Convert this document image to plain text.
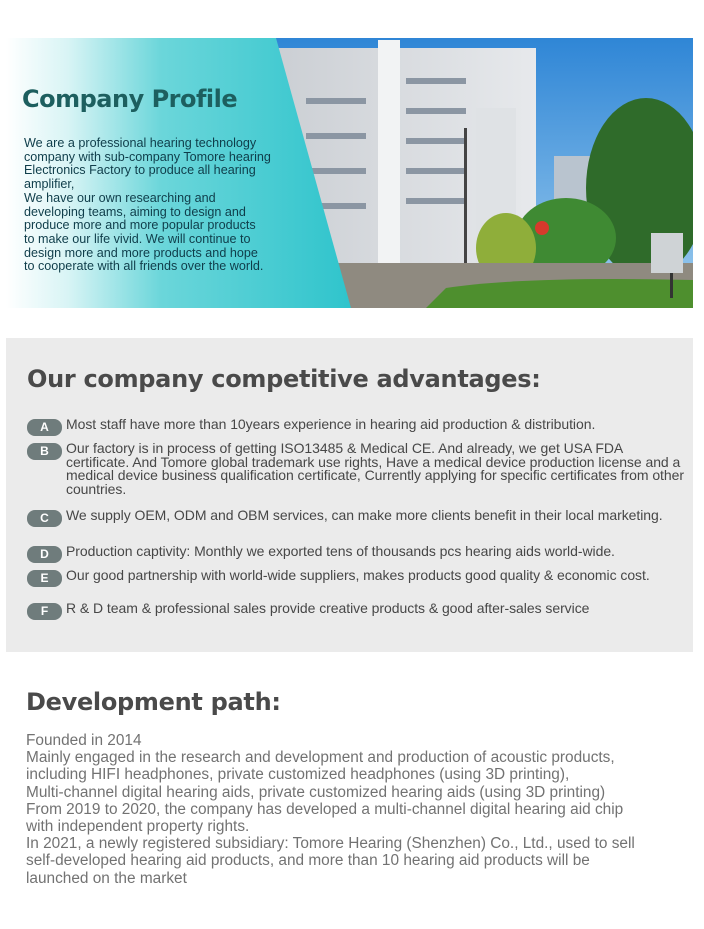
Company Profile

We are a professional hearing technology

company with sub-company Tomore hearing

Electronics Factory to produce all hearing

amplifier,

We have our own researching and

developing teams, aiming to design and

produce more and more popular products

to make our life vivid. We will continue to

design more and more products and hope

to cooperate with all friends over the world.

Our company competitive advantages:
A	Most staff have more than 10years experience in hearing aid production & distribution.
B	Our factory is in process of getting ISO13485 & Medical CE. And already, we get USA FDA certificate. And Tomore global trademark use rights, Have a medical device production license and a medical device business qualification certificate, Currently applying for specific certificates from other countries.
C	We supply OEM, ODM and OBM services, can make more clients benefit in their local marketing.
D	Production captivity: Monthly we exported tens of thousands pcs hearing aids world-wide.
E	Our good partnership with world-wide suppliers, makes products good quality & economic cost.
F	R & D team & professional sales provide creative products & good after-sales service
Development path:
Founded in 2014
Mainly engaged in the research and development and production of acoustic products,
including HIFI headphones, private customized headphones (using 3D printing),
Multi-channel digital hearing aids, private customized hearing aids (using 3D printing)
From 2019 to 2020, the company has developed a multi-channel digital hearing aid chip
with independent property rights.
In 2021, a newly registered subsidiary: Tomore Hearing (Shenzhen) Co., Ltd., used to sell
self-developed hearing aid products, and more than 10 hearing aid products will be
launched on the market
